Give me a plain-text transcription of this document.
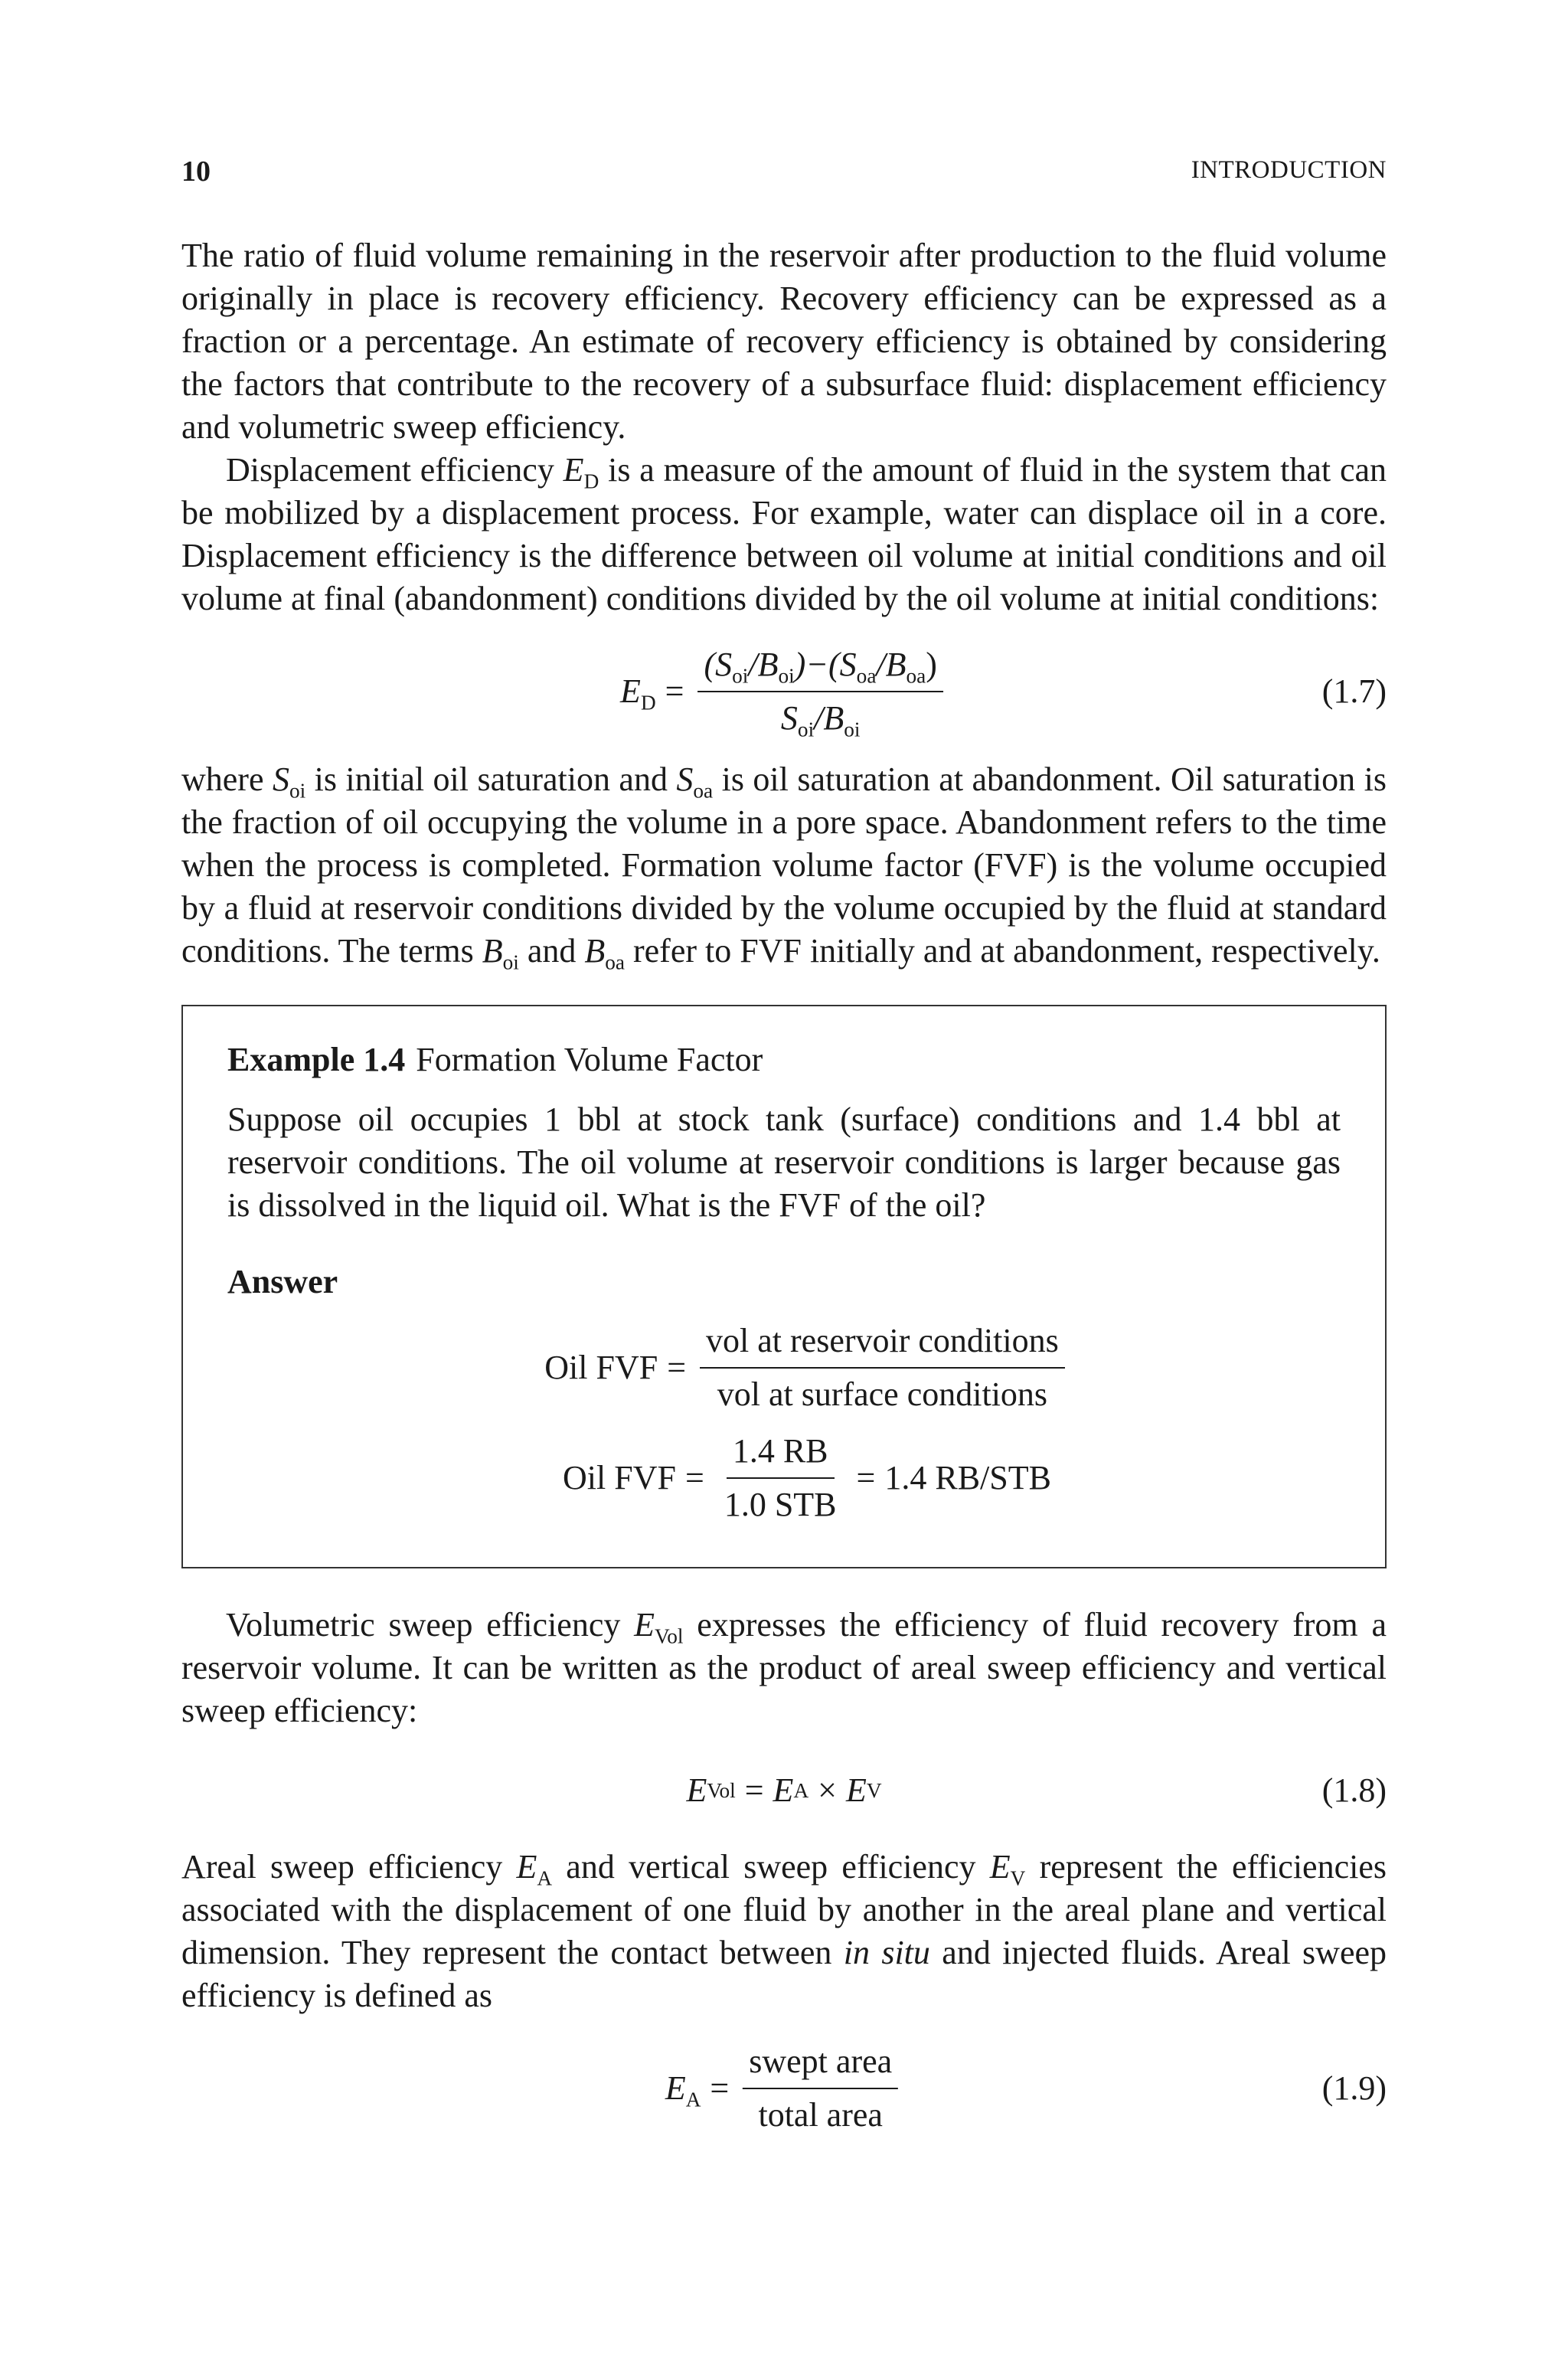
10	INTRODUCTION

The ratio of fluid volume remaining in the reservoir after production to the fluid volume originally in place is recovery efficiency. Recovery efficiency can be expressed as a fraction or a percentage. An estimate of recovery efficiency is obtained by considering the factors that contribute to the recovery of a subsurface fluid: displacement efficiency and volumetric sweep efficiency.

Displacement efficiency $E_D$ is a measure of the amount of fluid in the system that can be mobilized by a displacement process. For example, water can displace oil in a core. Displacement efficiency is the difference between oil volume at initial conditions and oil volume at final (abandonment) conditions divided by the oil volume at initial conditions:

$E_D = \frac{(S_{oi}/B_{oi})-(S_{oa}/B_{oa})}{S_{oi}/B_{oi}}$	(1.7)

where $S_{oi}$ is initial oil saturation and $S_{oa}$ is oil saturation at abandonment. Oil saturation is the fraction of oil occupying the volume in a pore space. Abandonment refers to the time when the process is completed. Formation volume factor (FVF) is the volume occupied by a fluid at reservoir conditions divided by the volume occupied by the fluid at standard conditions. The terms $B_{oi}$ and $B_{oa}$ refer to FVF initially and at abandonment, respectively.

Example 1.4 Formation Volume Factor

Suppose oil occupies 1 bbl at stock tank (surface) conditions and 1.4 bbl at reservoir conditions. The oil volume at reservoir conditions is larger because gas is dissolved in the liquid oil. What is the FVF of the oil?

Answer
Oil FVF = $\frac{\text{vol at reservoir conditions}}{\text{vol at surface conditions}}$
Oil FVF = $\frac{1.4 RB}{\text{1.0 STB}} = 1.4$ RB/STB

Volumetric sweep efficiency $E_{Vol}$ expresses the efficiency of fluid recovery from a reservoir volume. It can be written as the product of areal sweep efficiency and vertical sweep efficiency:

E Vol = E A × E V	(1.8)

Areal sweep efficiency $E_A$ and vertical sweep efficiency $E_V$ represent the efficiencies associated with the displacement of one fluid by another in the areal plane and vertical dimension. They represent the contact between in situ and injected fluids. Areal sweep efficiency is defined as

$E_A = \frac{\text{swept area}}{\text{total area}}$	(1.9)
